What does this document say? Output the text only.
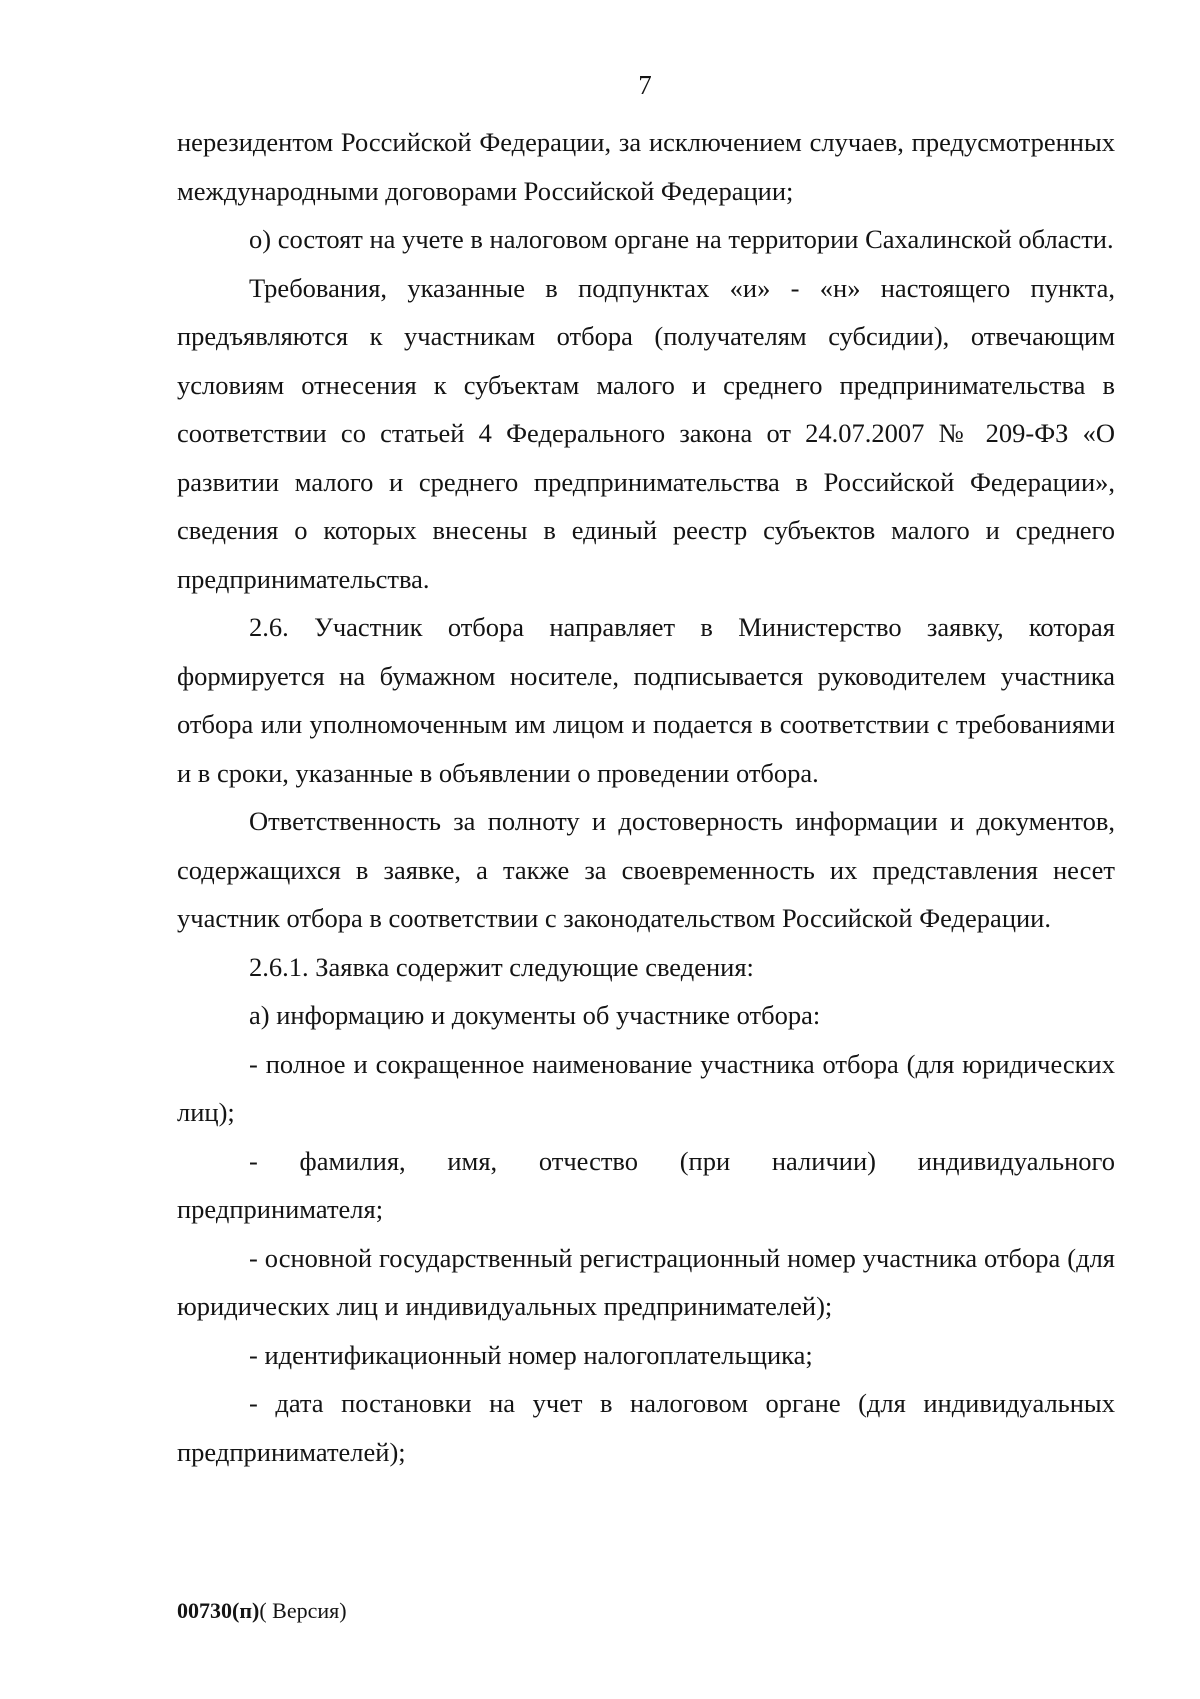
7

нерезидентом Российской Федерации, за исключением случаев, предусмотренных международными договорами Российской Федерации;

о) состоят на учете в налоговом органе на территории Сахалинской области.

Требования, указанные в подпунктах «и» - «н» настоящего пункта, предъявляются к участникам отбора (получателям субсидии), отвечающим условиям отнесения к субъектам малого и среднего предпринимательства в соответствии со статьей 4 Федерального закона от 24.07.2007 № 209-ФЗ «О развитии малого и среднего предпринимательства в Российской Федерации», сведения о которых внесены в единый реестр субъектов малого и среднего предпринимательства.

2.6. Участник отбора направляет в Министерство заявку, которая формируется на бумажном носителе, подписывается руководителем участника отбора или уполномоченным им лицом и подается в соответствии с требованиями и в сроки, указанные в объявлении о проведении отбора.

Ответственность за полноту и достоверность информации и документов, содержащихся в заявке, а также за своевременность их представления несет участник отбора в соответствии с законодательством Российской Федерации.

2.6.1. Заявка содержит следующие сведения:

а) информацию и документы об участнике отбора:

- полное и сокращенное наименование участника отбора (для юридических лиц);

- фамилия, имя, отчество (при наличии) индивидуального предпринимателя;

- основной государственный регистрационный номер участника отбора (для юридических лиц и индивидуальных предпринимателей);

- идентификационный номер налогоплательщика;

- дата постановки на учет в налоговом органе (для индивидуальных предпринимателей);

00730(п)( Версия)
